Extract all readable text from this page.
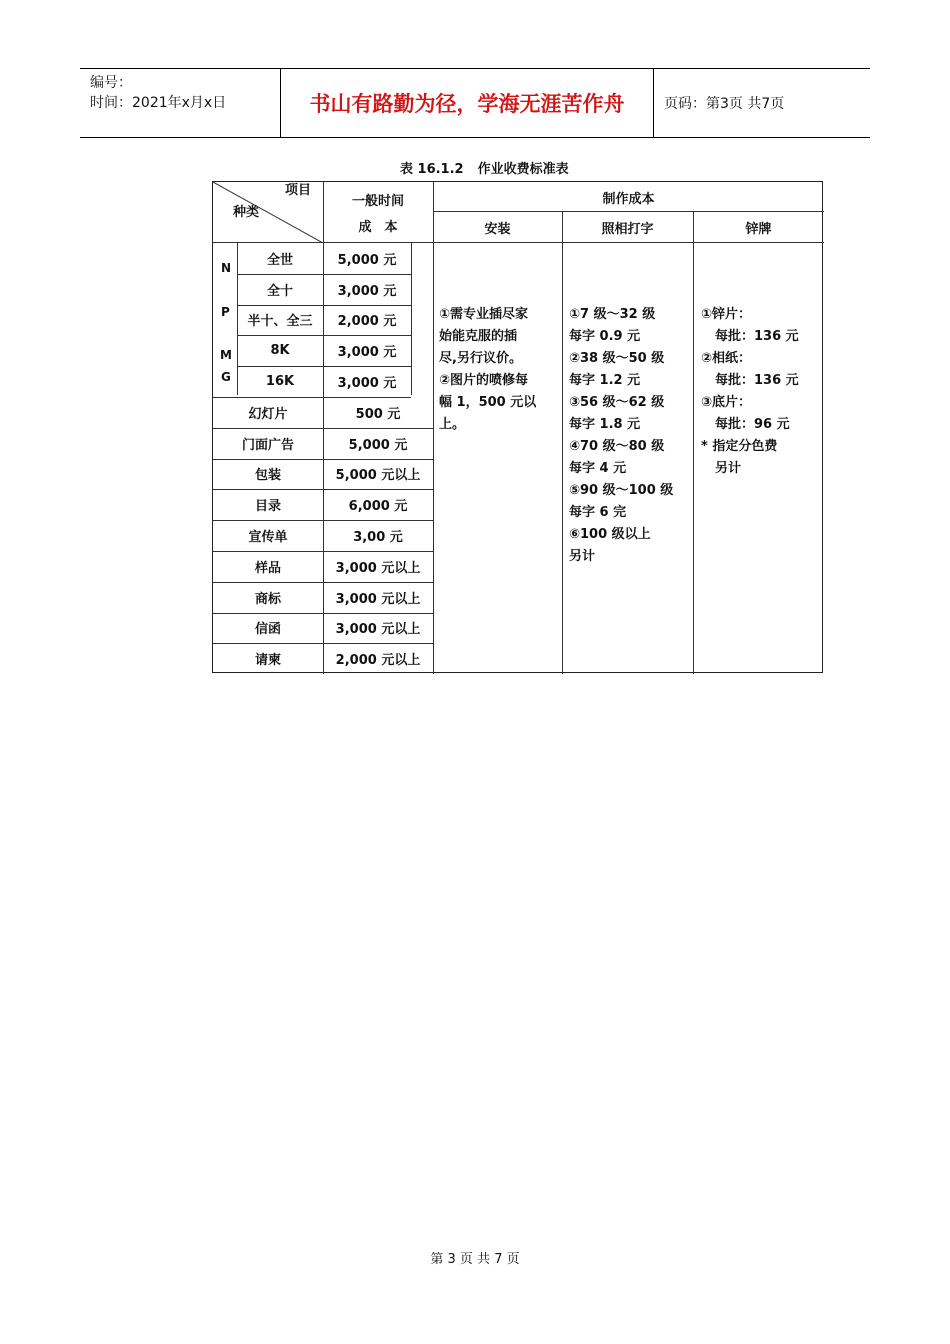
编号：
时间：2021年x月x日	书山有路勤为径，学海无涯苦作舟	页码：第3页 共7页
表 16.1.2 作业收费标准表
项目
种类
一般时间
成　本
制作成本
安装	照相打字	锌牌
N
P
M
G
全世	5,000 元
全十	3,000 元
半十、全三	2,000 元
8K	3,000 元
16K	3,000 元
幻灯片	500 元
门面广告	5,000 元
包装	5,000 元以上
目录	6,000 元
宣传单	3,00 元
样品	3,000 元以上
商标	3,000 元以上
信函	3,000 元以上
请柬	2,000 元以上
①需专业插尽家
始能克服的插
尽,另行议价。
②图片的喷修每
幅 1，500 元以
上。
①7 级～32 级
每字 0.9 元
②38 级～50 级
每字 1.2 元
③56 级～62 级
每字 1.8 元
④70 级～80 级
每字 4 元
⑤90 级～100 级
每字 6 完
⑥100 级以上
另计
①锌片：
每批：136 元
②相纸：
每批：136 元
③底片：
每批：96 元
* 指定分色费
另计
第 3 页 共 7 页
